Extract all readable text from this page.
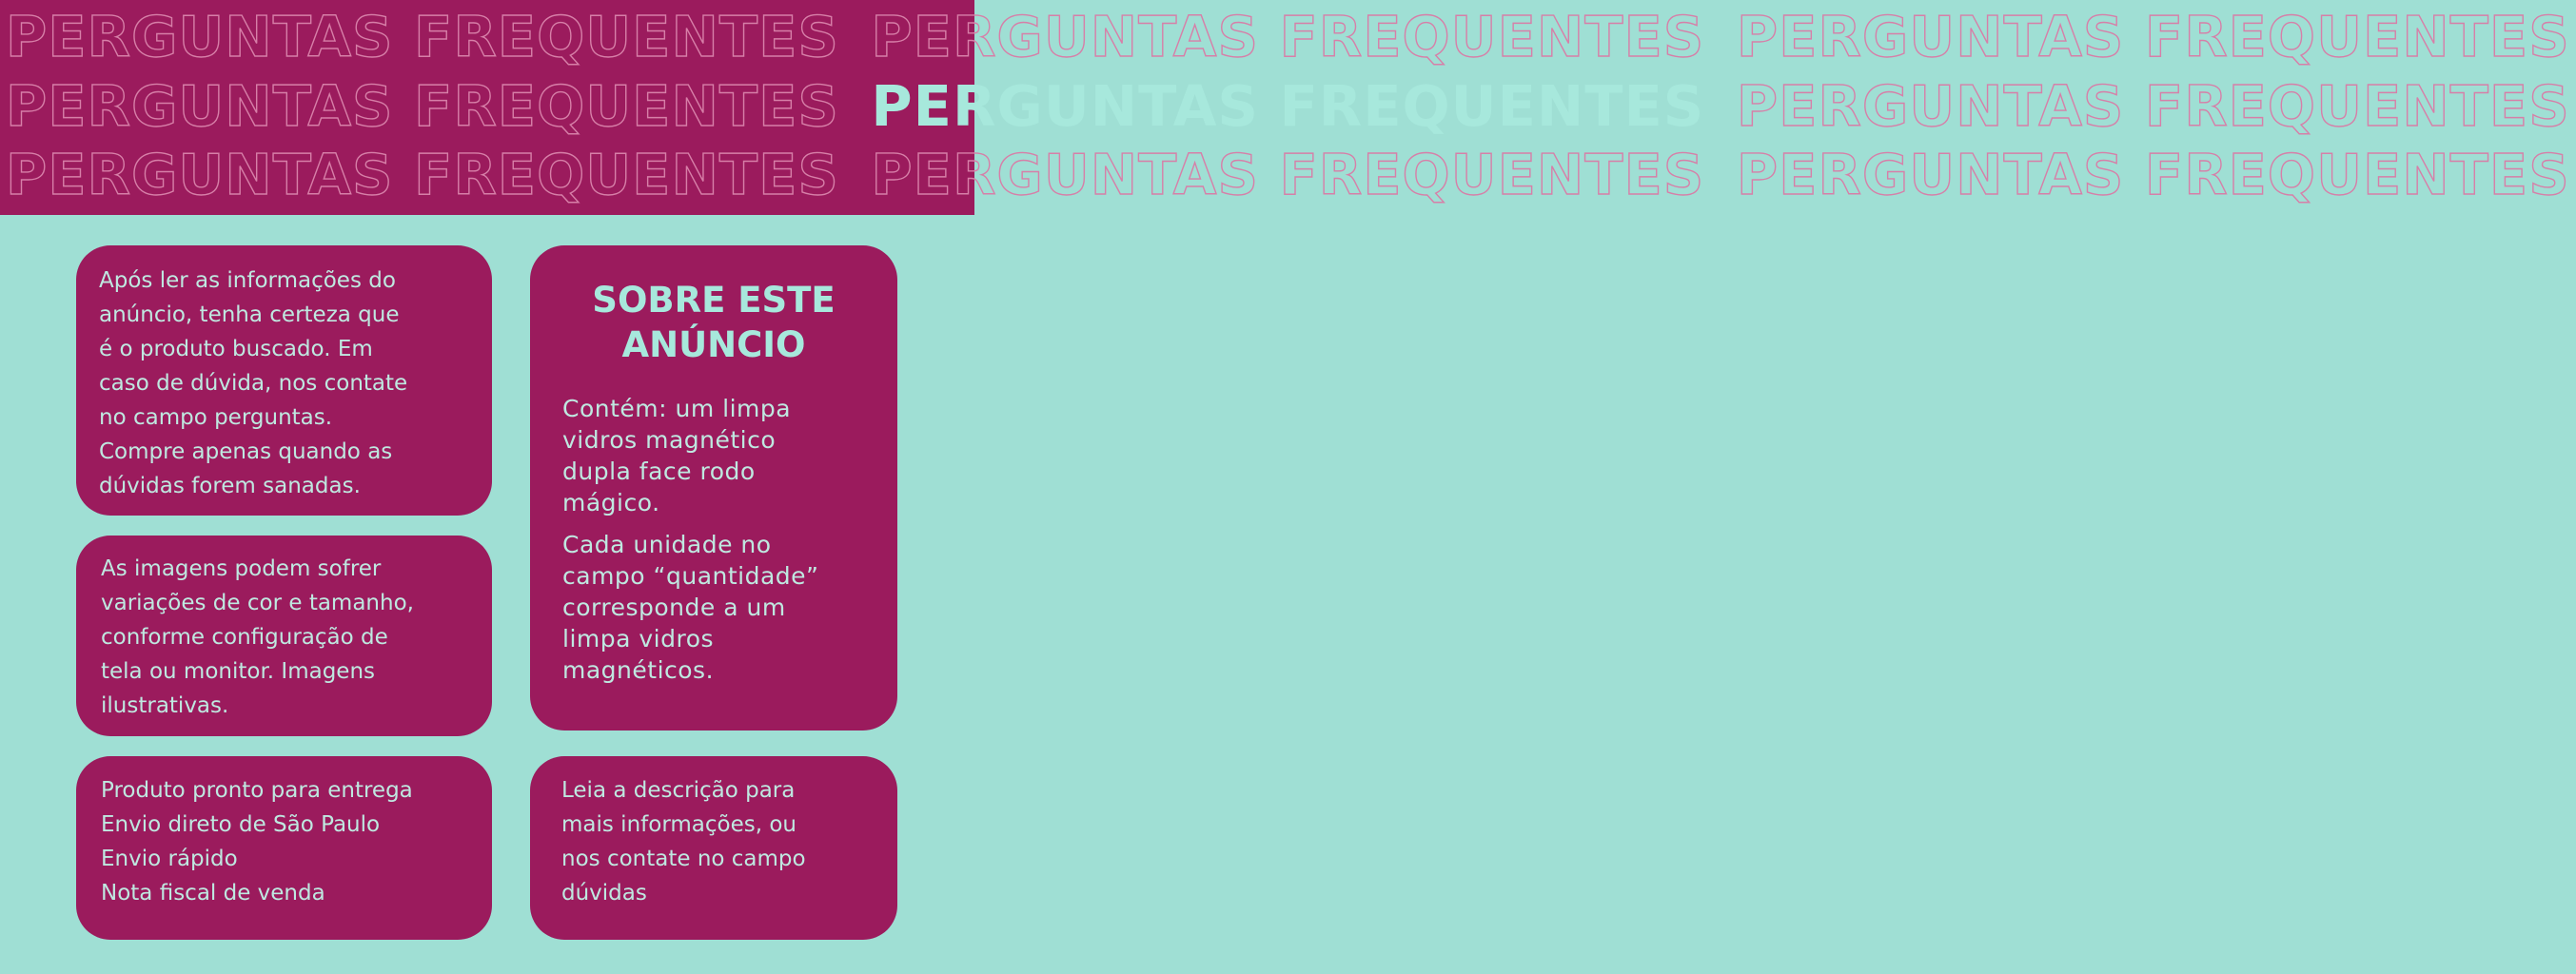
PERGUNTAS FREQUENTES PERGUNTAS FREQUENTES PERGUNTAS FREQUENTES
PERGUNTAS FREQUENTES PERGUNTAS FREQUENTES PERGUNTAS FREQUENTES
PERGUNTAS FREQUENTES PERGUNTAS FREQUENTES PERGUNTAS FREQUENTES
Após ler as informações do
anúncio, tenha certeza que
é o produto buscado. Em
caso de dúvida, nos contate
no campo perguntas.
Compre apenas quando as
dúvidas forem sanadas.
As imagens podem sofrer
variações de cor e tamanho,
conforme configuração de
tela ou monitor. Imagens
ilustrativas.
Produto pronto para entrega
Envio direto de São Paulo
Envio rápido
Nota fiscal de venda
SOBRE ESTE
ANÚNCIO
Contém: um limpa
vidros magnético
dupla face rodo
mágico.
Cada unidade no
campo “quantidade”
corresponde a um
limpa vidros
magnéticos.
Leia a descrição para
mais informações, ou
nos contate no campo
dúvidas
